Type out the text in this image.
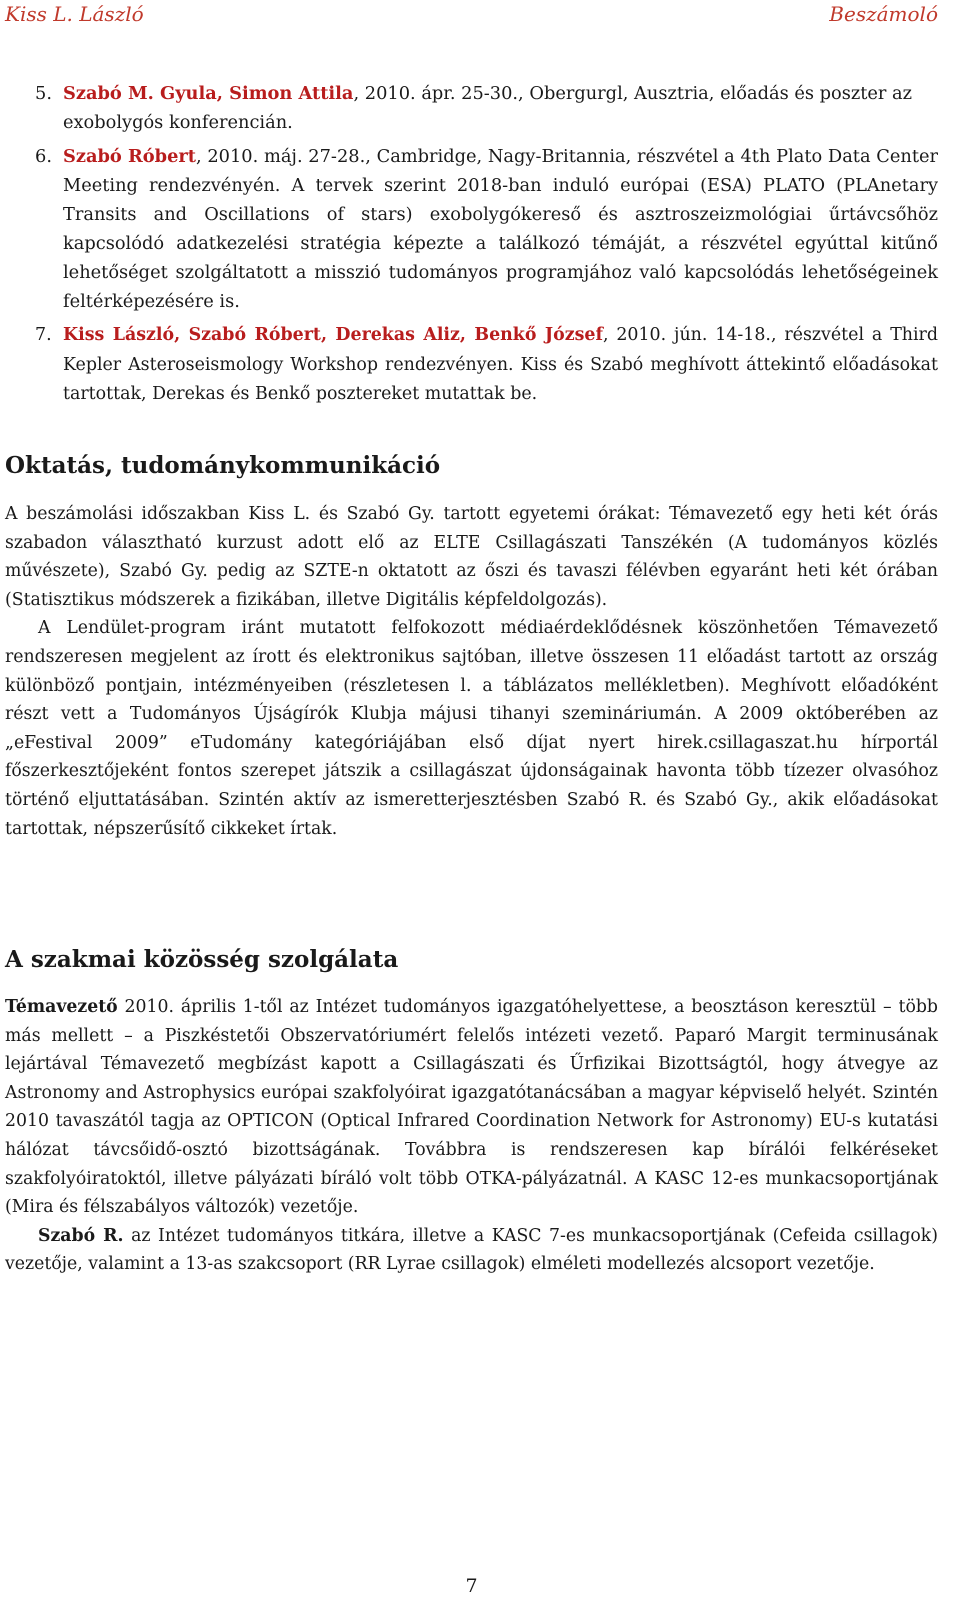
Kiss L. László	Beszámoló
5. Szabó M. Gyula, Simon Attila, 2010. ápr. 25-30., Obergurgl, Ausztria, előadás és poszter az exobolygós konferencián.
6. Szabó Róbert, 2010. máj. 27-28., Cambridge, Nagy-Britannia, részvétel a 4th Plato Data Center Meeting rendezvényén. A tervek szerint 2018-ban induló európai (ESA) PLATO (PLAnetary Transits and Oscillations of stars) exobolygókereső és asztroszeizmológiai űrtávcsőhöz kapcsolódó adatkezelési stratégia képezte a találkozó témáját, a részvétel egyúttal kitűnő lehetőséget szolgáltatott a misszió tudományos programjához való kapcsolódás lehetőségeinek feltérképezésére is.
7. Kiss László, Szabó Róbert, Derekas Aliz, Benkő József, 2010. jún. 14-18., részvétel a Third Kepler Asteroseismology Workshop rendezvényen. Kiss és Szabó meghívott áttekintő előadásokat tartottak, Derekas és Benkő posztereket mutattak be.
Oktatás, tudománykommunikáció

A beszámolási időszakban Kiss L. és Szabó Gy. tartott egyetemi órákat: Témavezető egy heti két órás szabadon választható kurzust adott elő az ELTE Csillagászati Tanszékén (A tudományos közlés művészete), Szabó Gy. pedig az SZTE-n oktatott az őszi és tavaszi félévben egyaránt heti két órában (Statisztikus módszerek a fizikában, illetve Digitális képfeldolgozás).

A Lendület-program iránt mutatott felfokozott médiaérdeklődésnek köszönhetően Témavezető rendszeresen megjelent az írott és elektronikus sajtóban, illetve összesen 11 előadást tartott az ország különböző pontjain, intézményeiben (részletesen l. a táblázatos mellékletben). Meghívott előadóként részt vett a Tudományos Újságírók Klubja májusi tihanyi szemináriumán. A 2009 októberében az „eFestival 2009” eTudomány kategóriájában első díjat nyert hirek.csillagaszat.hu hírportál főszerkesztőjeként fontos szerepet játszik a csillagászat újdonságainak havonta több tízezer olvasóhoz történő eljuttatásában. Szintén aktív az ismeretterjesztésben Szabó R. és Szabó Gy., akik előadásokat tartottak, népszerűsítő cikkeket írtak.

A szakmai közösség szolgálata

Témavezető 2010. április 1-től az Intézet tudományos igazgatóhelyettese, a beosztáson keresztül – több más mellett – a Piszkéstetői Obszervatóriumért felelős intézeti vezető. Paparó Margit terminusának lejártával Témavezető megbízást kapott a Csillagászati és Űrfizikai Bizottságtól, hogy átvegye az Astronomy and Astrophysics európai szakfolyóirat igazgatótanácsában a magyar képviselő helyét. Szintén 2010 tavaszától tagja az OPTICON (Optical Infrared Coordination Network for Astronomy) EU-s kutatási hálózat távcsőidő-osztó bizottságának. Továbbra is rendszeresen kap bírálói felkéréseket szakfolyóiratoktól, illetve pályázati bíráló volt több OTKA-pályázatnál. A KASC 12-es munkacsoportjának (Mira és félszabályos változók) vezetője.

Szabó R. az Intézet tudományos titkára, illetve a KASC 7-es munkacsoportjának (Cefeida csillagok) vezetője, valamint a 13-as szakcsoport (RR Lyrae csillagok) elméleti modellezés alcsoport vezetője.

7
